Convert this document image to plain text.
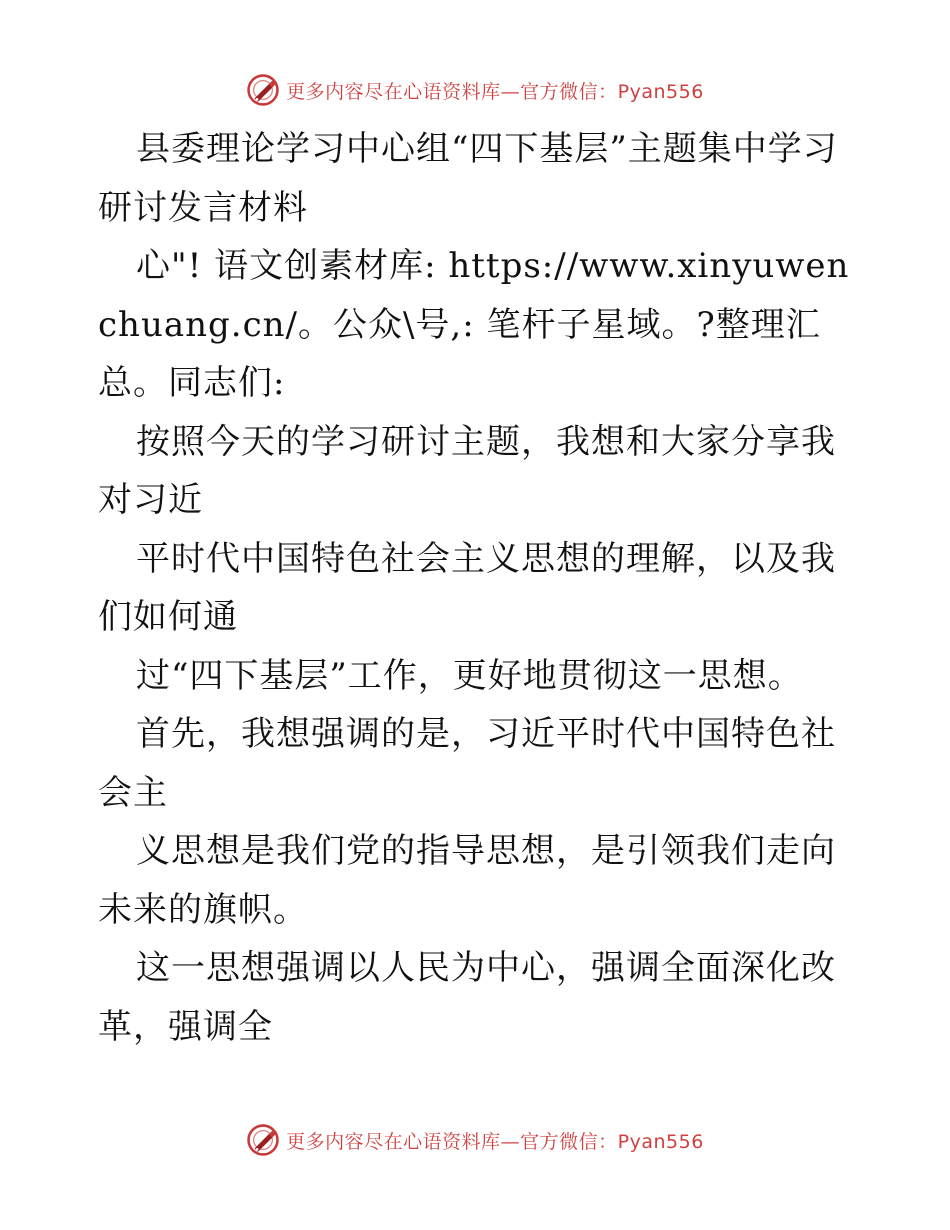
更多内容尽在心语资料库—官方微信：Pyan556

县委理论学习中心组“四下基层”主题集中学习研讨发言材料

心"! 语文创素材库: https://www.xinyuwenchuang.cn/。公众\号,: 笔杆子星域。?整理汇总。同志们:

按照今天的学习研讨主题，我想和大家分享我对习近

平时代中国特色社会主义思想的理解，以及我们如何通

过“四下基层”工作，更好地贯彻这一思想。

首先，我想强调的是，习近平时代中国特色社会主

义思想是我们党的指导思想，是引领我们走向未来的旗帜。

这一思想强调以人民为中心，强调全面深化改革，强调全

更多内容尽在心语资料库—官方微信：Pyan556
